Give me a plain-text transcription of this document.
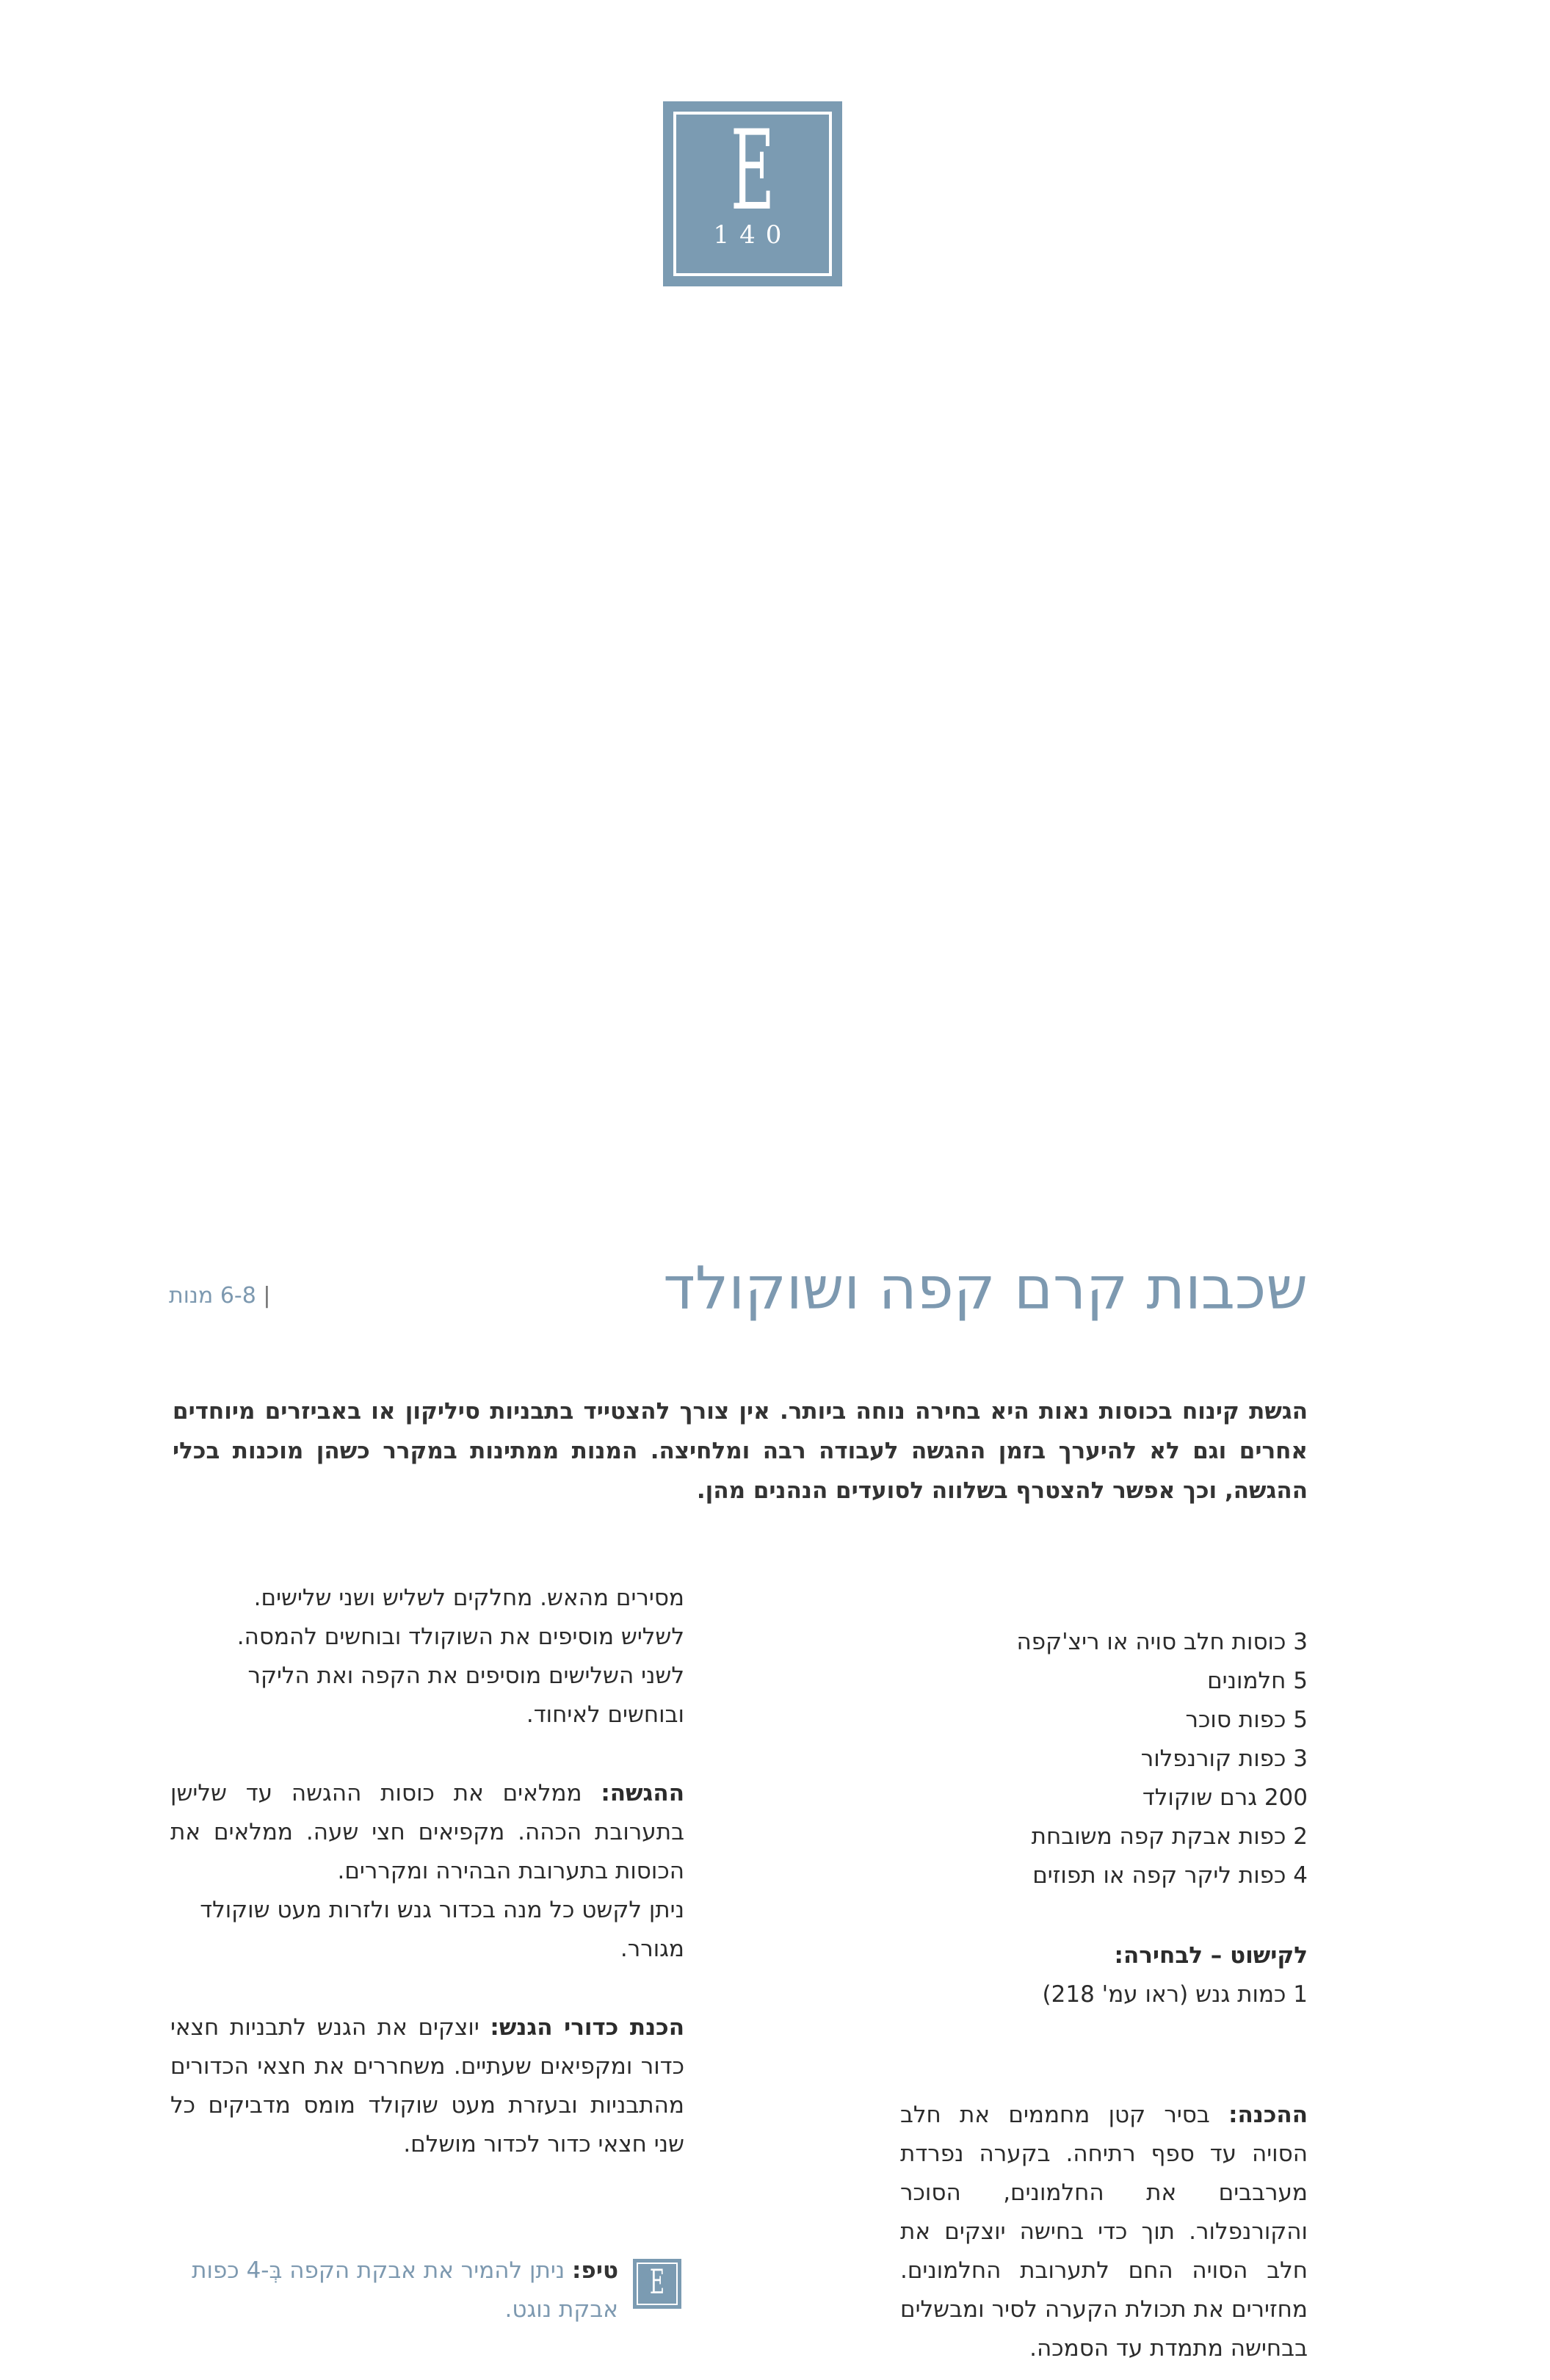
E
140
שכבות קרם קפה ושוקולד
| 6-8 מנות
הגשת קינוח בכוסות נאות היא בחירה נוחה ביותר. אין צורך להצטייד בתבניות סיליקון או באביזרים מיוחדים אחרים וגם לא להיערך בזמן ההגשה לעבודה רבה ומלחיצה. המנות ממתינות במקרר כשהן מוכנות בכלי ההגשה, וכך אפשר להצטרף בשלווה לסועדים הנהנים מהן.
3 כוסות חלב סויה או ריצ'קפה
5 חלמונים
5 כפות סוכר
3 כפות קורנפלור
200 גרם שוקולד
2 כפות אבקת קפה משובחת
4 כפות ליקר קפה או תפוזים
לקישוט – לבחירה:
1 כמות גנש (ראו עמ' 218)
ההכנה: בסיר קטן מחממים את חלב הסויה עד ספף רתיחה. בקערה נפרדת מערבבים את החלמונים, הסוכר והקורנפלור. תוך כדי בחישה יוצקים את חלב הסויה החם לתערובת החלמונים. מחזירים את תכולת הקערה לסיר ומבשלים בבחישה מתמדת עד הסמכה.
מסירים מהאש. מחלקים לשליש ושני שלישים.
לשליש מוסיפים את השוקולד ובוחשים להמסה.
לשני השלישים מוסיפים את הקפה ואת הליקר
ובוחשים לאיחוד.
ההגשה: ממלאים את כוסות ההגשה עד שלישן בתערובת הכהה. מקפיאים חצי שעה. ממלאים את הכוסות בתערובת הבהירה ומקררים.
ניתן לקשט כל מנה בכדור גנש ולזרות מעט שוקולד מגורר.
הכנת כדורי הגנש: יוצקים את הגנש לתבניות חצאי כדור ומקפיאים שעתיים. משחררים את חצאי הכדורים מהתבניות ובעזרת מעט שוקולד מומס מדביקים כל שני חצאי כדור לכדור מושלם.
E
טיפ: ניתן להמיר את אבקת הקפה בְּ-4 כפות אבקת נוגט.
